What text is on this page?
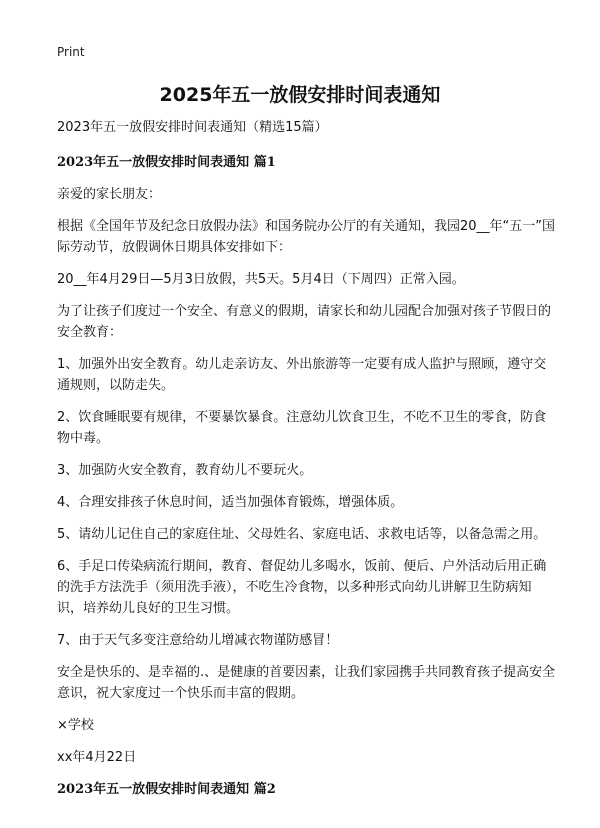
Print
2025年五一放假安排时间表通知

2023年五一放假安排时间表通知（精选15篇）

2023年五一放假安排时间表通知 篇1

亲爱的家长朋友：

根据《全国年节及纪念日放假办法》和国务院办公厅的有关通知，我园20__年“五一”国际劳动节，放假调休日期具体安排如下：

20__年4月29日—5月3日放假，共5天。5月4日（下周四）正常入园。

为了让孩子们度过一个安全、有意义的假期，请家长和幼儿园配合加强对孩子节假日的安全教育：

1、加强外出安全教育。幼儿走亲访友、外出旅游等一定要有成人监护与照顾，遵守交通规则，以防走失。

2、饮食睡眠要有规律，不要暴饮暴食。注意幼儿饮食卫生，不吃不卫生的零食，防食物中毒。

3、加强防火安全教育，教育幼儿不要玩火。

4、合理安排孩子休息时间，适当加强体育锻炼，增强体质。

5、请幼儿记住自己的家庭住址、父母姓名、家庭电话、求救电话等，以备急需之用。

6、手足口传染病流行期间，教育、督促幼儿多喝水，饭前、便后、户外活动后用正确的洗手方法洗手（须用洗手液），不吃生冷食物，以多种形式向幼儿讲解卫生防病知识，培养幼儿良好的卫生习惯。

7、由于天气多变注意给幼儿增减衣物谨防感冒！

安全是快乐的、是幸福的.、是健康的首要因素，让我们家园携手共同教育孩子提高安全意识，祝大家度过一个快乐而丰富的假期。

×学校

xx年4月22日

2023年五一放假安排时间表通知 篇2
